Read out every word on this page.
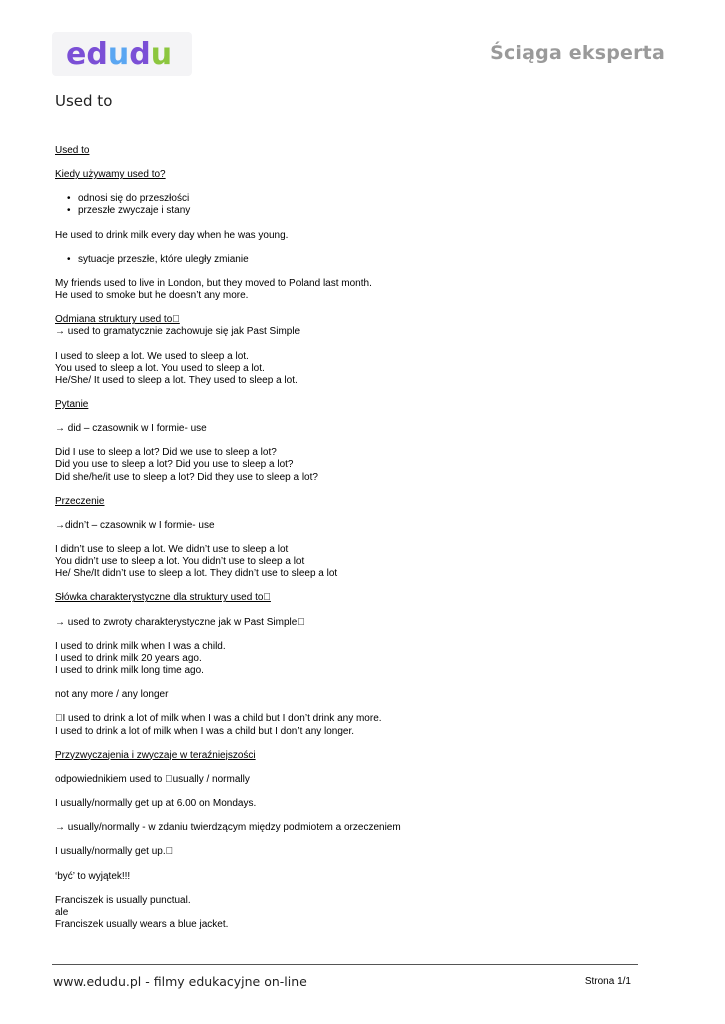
edudu	Ściąga eksperta
Used to
Used to
Kiedy używamy used to?
• odnosi się do przeszłości
• przeszłe zwyczaje i stany
He used to drink milk every day when he was young.
• sytuacje przeszłe, które uległy zmianie
My friends used to live in London, but they moved to Poland last month.
He used to smoke but he doesn’t any more.
Odmiana struktury used to
→ used to gramatycznie zachowuje się jak Past Simple
I used to sleep a lot. We used to sleep a lot.
You used to sleep a lot. You used to sleep a lot.
He/She/ It used to sleep a lot. They used to sleep a lot.
Pytanie
→ did – czasownik w I formie- use
Did I use to sleep a lot? Did we use to sleep a lot?
Did you use to sleep a lot? Did you use to sleep a lot?
Did she/he/it use to sleep a lot? Did they use to sleep a lot?
Przeczenie
→didn’t – czasownik w I formie- use
I didn’t use to sleep a lot. We didn’t use to sleep a lot
You didn’t use to sleep a lot. You didn’t use to sleep a lot
He/ She/It didn’t use to sleep a lot. They didn’t use to sleep a lot
Słówka charakterystyczne dla struktury used to
→ used to zwroty charakterystyczne jak w Past Simple
I used to drink milk when I was a child.
I used to drink milk 20 years ago.
I used to drink milk long time ago.
not any more / any longer
I used to drink a lot of milk when I was a child but I don’t drink any more.
I used to drink a lot of milk when I was a child but I don’t any longer.
Przyzwyczajenia i zwyczaje w teraźniejszości
odpowiednikiem used to usually / normally
I usually/normally get up at 6.00 on Mondays.
→ usually/normally - w zdaniu twierdzącym między podmiotem a orzeczeniem
I usually/normally get up.
‘być’ to wyjątek!!!
Franciszek is usually punctual.
ale
Franciszek usually wears a blue jacket.
www.edudu.pl - filmy edukacyjne on-line	Strona 1/1
